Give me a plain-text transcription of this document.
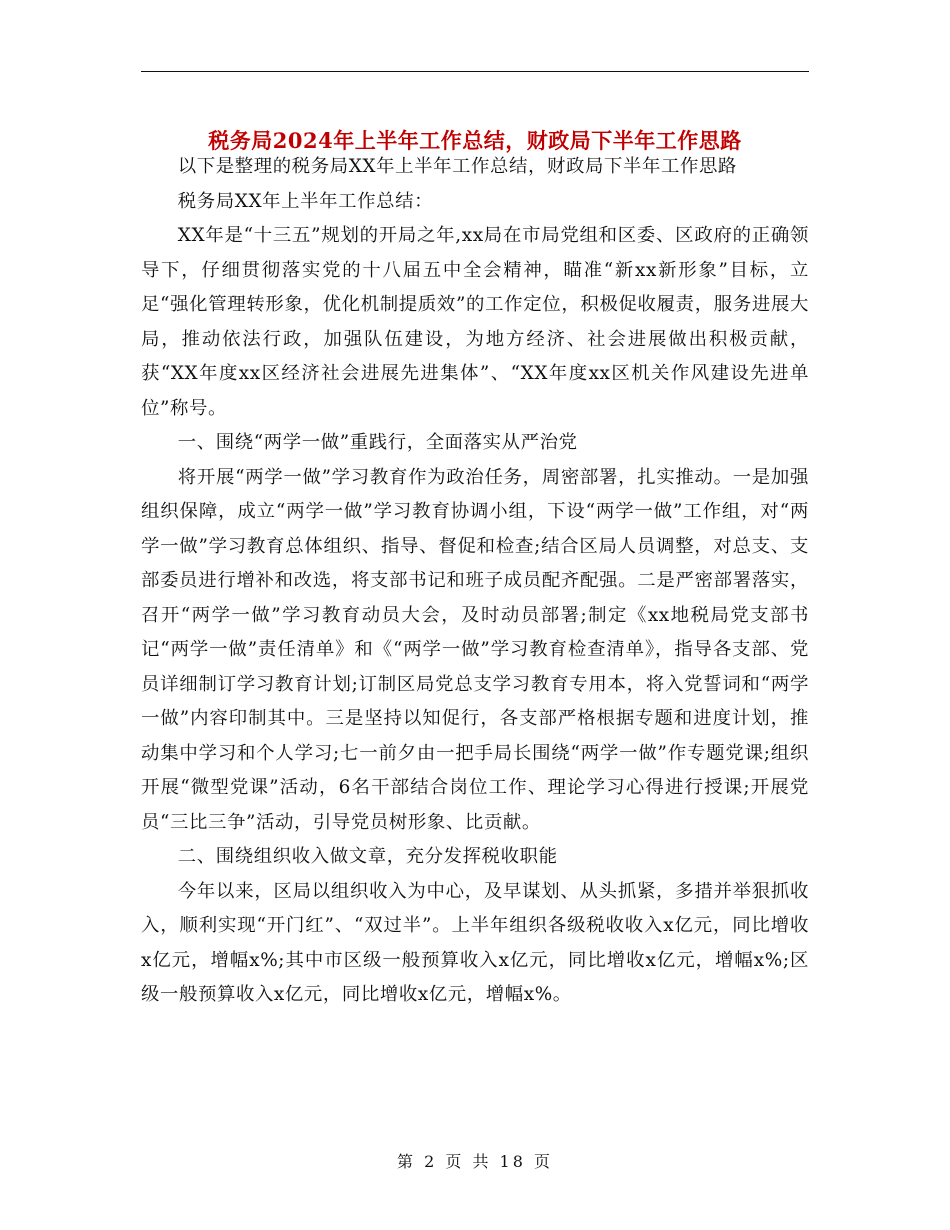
税务局2024年上半年工作总结，财政局下半年工作思路

以下是整理的税务局XX年上半年工作总结，财政局下半年工作思路

税务局XX年上半年工作总结：

XX年是“十三五”规划的开局之年,xx局在市局党组和区委、区政府的正确领导下，仔细贯彻落实党的十八届五中全会精神，瞄准“新xx新形象”目标，立足“强化管理转形象，优化机制提质效”的工作定位，积极促收履责，服务进展大局，推动依法行政，加强队伍建设，为地方经济、社会进展做出积极贡献，获“XX年度xx区经济社会进展先进集体”、“XX年度xx区机关作风建设先进单位”称号。

一、围绕“两学一做”重践行，全面落实从严治党

将开展“两学一做”学习教育作为政治任务，周密部署，扎实推动。一是加强组织保障，成立“两学一做”学习教育协调小组，下设“两学一做”工作组，对“两学一做”学习教育总体组织、指导、督促和检查;结合区局人员调整，对总支、支部委员进行增补和改选，将支部书记和班子成员配齐配强。二是严密部署落实，召开“两学一做”学习教育动员大会，及时动员部署;制定《xx地税局党支部书记“两学一做”责任清单》和《“两学一做”学习教育检查清单》，指导各支部、党员详细制订学习教育计划;订制区局党总支学习教育专用本，将入党誓词和“两学一做”内容印制其中。三是坚持以知促行，各支部严格根据专题和进度计划，推动集中学习和个人学习;七一前夕由一把手局长围绕“两学一做”作专题党课;组织开展“微型党课”活动，6名干部结合岗位工作、理论学习心得进行授课;开展党员“三比三争”活动，引导党员树形象、比贡献。

二、围绕组织收入做文章，充分发挥税收职能

今年以来，区局以组织收入为中心，及早谋划、从头抓紧，多措并举狠抓收入，顺利实现“开门红”、“双过半”。上半年组织各级税收收入x亿元，同比增收x亿元，增幅x%;其中市区级一般预算收入x亿元，同比增收x亿元，增幅x%;区级一般预算收入x亿元，同比增收x亿元，增幅x%。

第 2 页 共 18 页
